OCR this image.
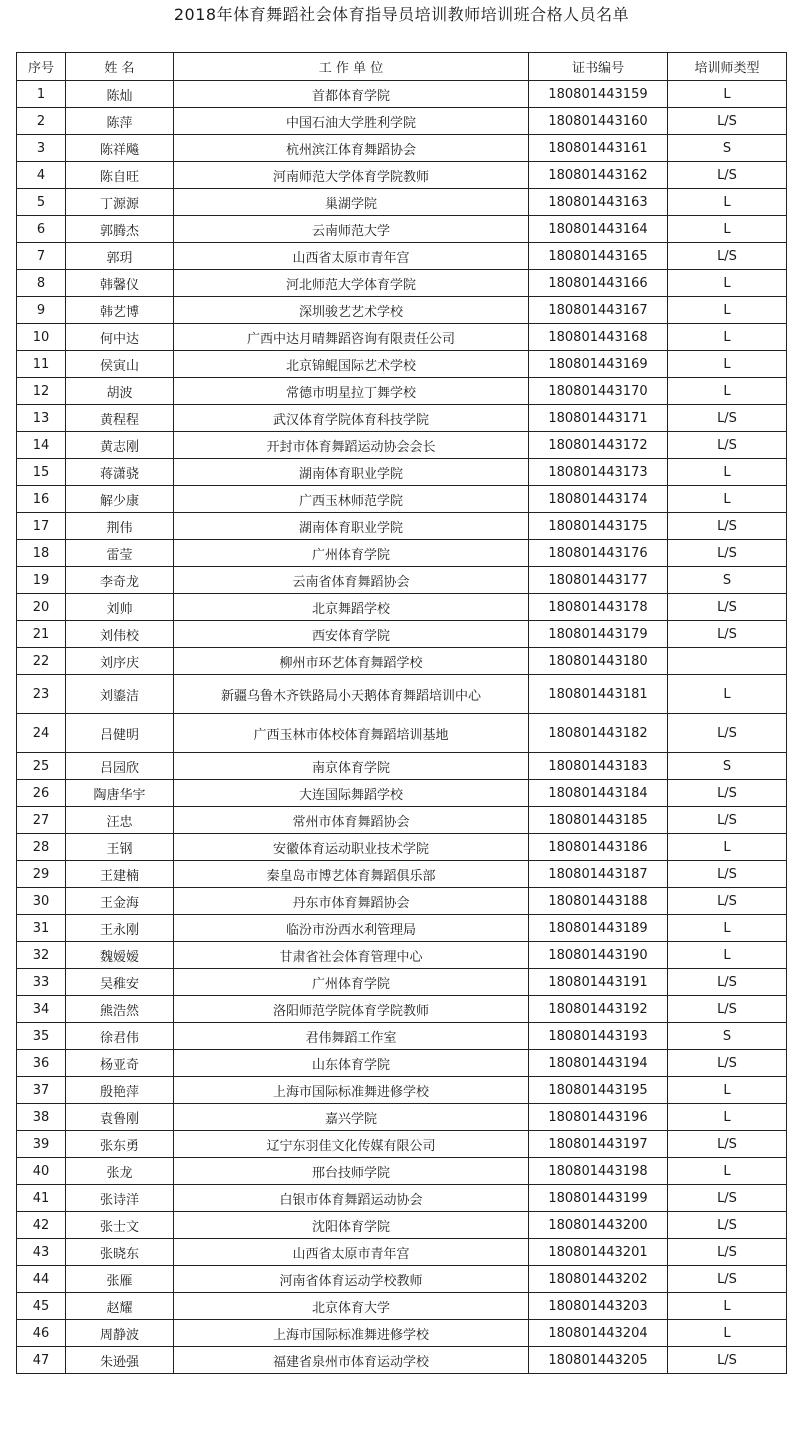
2018年体育舞蹈社会体育指导员培训教师培训班合格人员名单
序号	姓 名	工 作 单 位	证书编号	培训师类型
1	陈灿	首都体育学院	180801443159	L
2	陈萍	中国石油大学胜利学院	180801443160	L/S
3	陈祥飚	杭州滨江体育舞蹈协会	180801443161	S
4	陈自旺	河南师范大学体育学院教师	180801443162	L/S
5	丁源源	巢湖学院	180801443163	L
6	郭腾杰	云南师范大学	180801443164	L
7	郭玥	山西省太原市青年宫	180801443165	L/S
8	韩馨仪	河北师范大学体育学院	180801443166	L
9	韩艺博	深圳骏艺艺术学校	180801443167	L
10	何中达	广西中达月晴舞蹈咨询有限责任公司	180801443168	L
11	侯寅山	北京锦鲲国际艺术学校	180801443169	L
12	胡波	常德市明星拉丁舞学校	180801443170	L
13	黄程程	武汉体育学院体育科技学院	180801443171	L/S
14	黄志刚	开封市体育舞蹈运动协会会长	180801443172	L/S
15	蒋潇骁	湖南体育职业学院	180801443173	L
16	解少康	广西玉林师范学院	180801443174	L
17	荆伟	湖南体育职业学院	180801443175	L/S
18	雷莹	广州体育学院	180801443176	L/S
19	李奇龙	云南省体育舞蹈协会	180801443177	S
20	刘帅	北京舞蹈学校	180801443178	L/S
21	刘伟校	西安体育学院	180801443179	L/S
22	刘序庆	柳州市环艺体育舞蹈学校	180801443180	
23	刘鎏洁	新疆乌鲁木齐铁路局小天鹅体育舞蹈培训中心	180801443181	L
24	吕健明	广西玉林市体校体育舞蹈培训基地	180801443182	L/S
25	吕园欣	南京体育学院	180801443183	S
26	陶唐华宇	大连国际舞蹈学校	180801443184	L/S
27	汪忠	常州市体育舞蹈协会	180801443185	L/S
28	王钢	安徽体育运动职业技术学院	180801443186	L
29	王建楠	秦皇岛市博艺体育舞蹈俱乐部	180801443187	L/S
30	王金海	丹东市体育舞蹈协会	180801443188	L/S
31	王永刚	临汾市汾西水利管理局	180801443189	L
32	魏嫒嫒	甘肃省社会体育管理中心	180801443190	L
33	吴稚安	广州体育学院	180801443191	L/S
34	熊浩然	洛阳师范学院体育学院教师	180801443192	L/S
35	徐君伟	君伟舞蹈工作室	180801443193	S
36	杨亚奇	山东体育学院	180801443194	L/S
37	殷艳萍	上海市国际标准舞进修学校	180801443195	L
38	袁鲁刚	嘉兴学院	180801443196	L
39	张东勇	辽宁东羽佳文化传媒有限公司	180801443197	L/S
40	张龙	邢台技师学院	180801443198	L
41	张诗洋	白银市体育舞蹈运动协会	180801443199	L/S
42	张士文	沈阳体育学院	180801443200	L/S
43	张晓东	山西省太原市青年宫	180801443201	L/S
44	张雁	河南省体育运动学校教师	180801443202	L/S
45	赵耀	北京体育大学	180801443203	L
46	周静波	上海市国际标准舞进修学校	180801443204	L
47	朱逊强	福建省泉州市体育运动学校	180801443205	L/S
